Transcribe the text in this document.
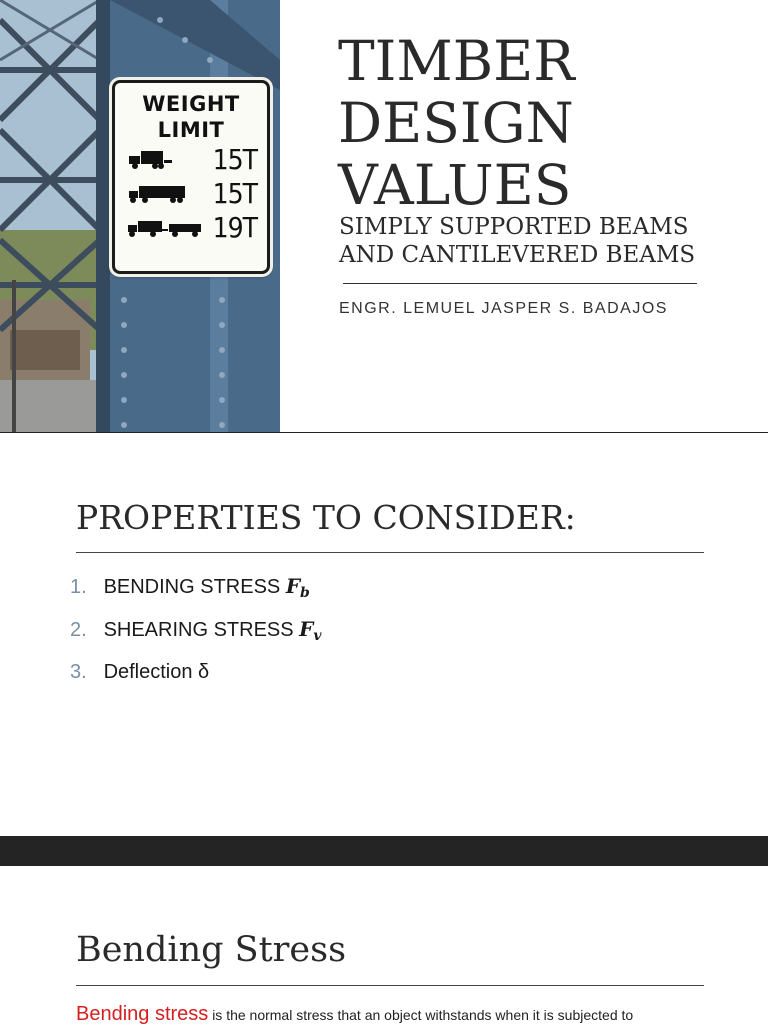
WEIGHT
LIMIT
15T
15T
19T
TIMBER
DESIGN
VALUES
SIMPLY SUPPORTED BEAMS
AND CANTILEVERED BEAMS

ENGR. LEMUEL JASPER S. BADAJOS

PROPERTIES TO CONSIDER:
1. BENDING STRESS $F_b$
2. SHEARING STRESS $F_v$
3. Deflection δ
Bending Stress

Bending stress is the normal stress that an object withstands when it is subjected to
